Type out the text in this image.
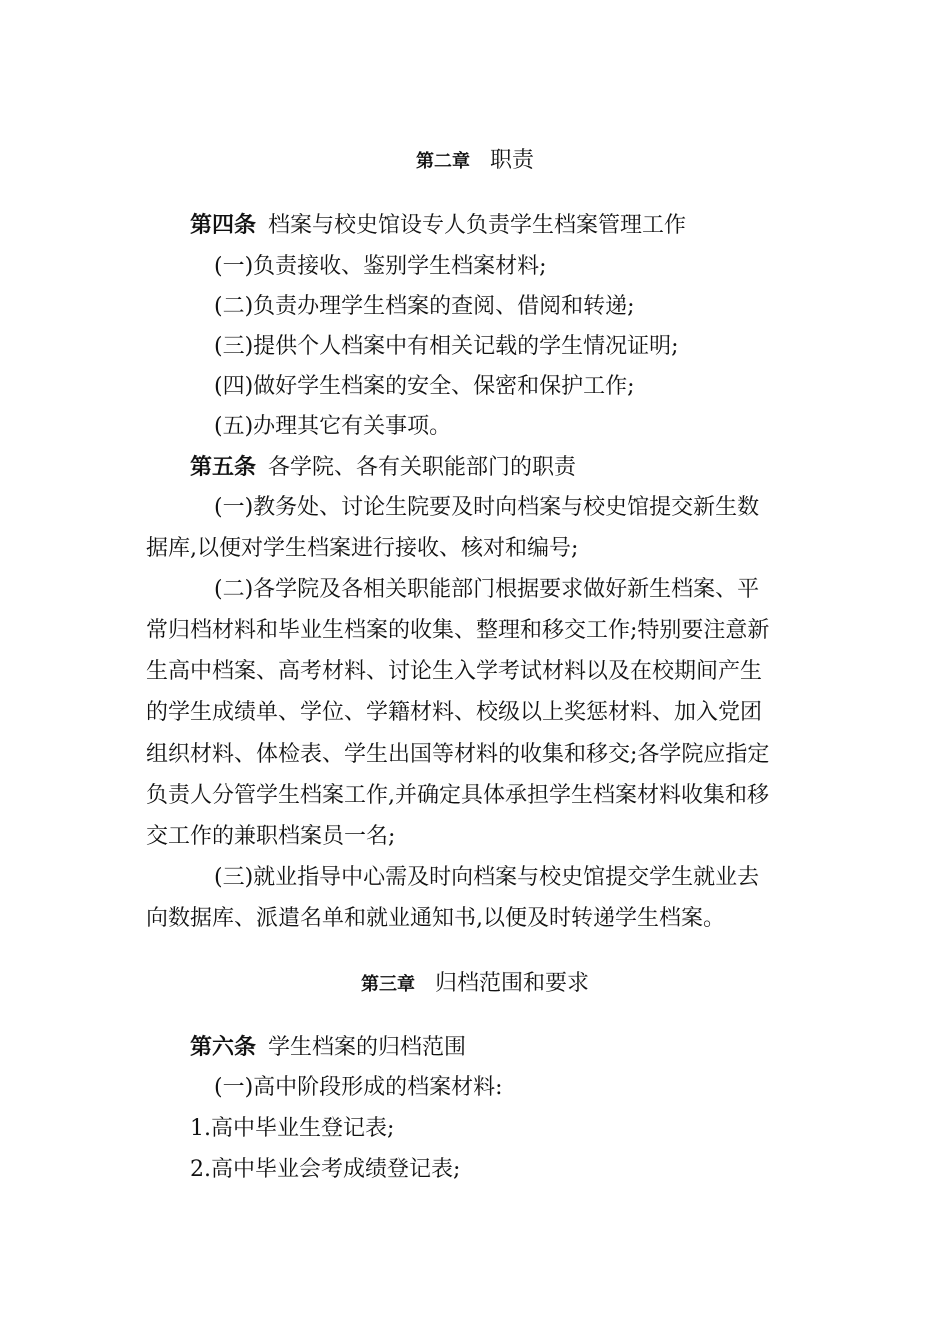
第二章 职责
第四条 档案与校史馆设专人负责学生档案管理工作
(一)负责接收、鉴别学生档案材料;
(二)负责办理学生档案的查阅、借阅和转递;
(三)提供个人档案中有相关记载的学生情况证明;
(四)做好学生档案的安全、保密和保护工作;
(五)办理其它有关事项。
第五条 各学院、各有关职能部门的职责
(一)教务处、讨论生院要及时向档案与校史馆提交新生数
据库,以便对学生档案进行接收、核对和编号;
(二)各学院及各相关职能部门根据要求做好新生档案、平
常归档材料和毕业生档案的收集、整理和移交工作;特别要注意新
生高中档案、高考材料、讨论生入学考试材料以及在校期间产生
的学生成绩单、学位、学籍材料、校级以上奖惩材料、加入党团
组织材料、体检表、学生出国等材料的收集和移交;各学院应指定
负责人分管学生档案工作,并确定具体承担学生档案材料收集和移
交工作的兼职档案员一名;
(三)就业指导中心需及时向档案与校史馆提交学生就业去
向数据库、派遣名单和就业通知书,以便及时转递学生档案。
第三章 归档范围和要求
第六条 学生档案的归档范围
(一)高中阶段形成的档案材料:
1.高中毕业生登记表;
2.高中毕业会考成绩登记表;
